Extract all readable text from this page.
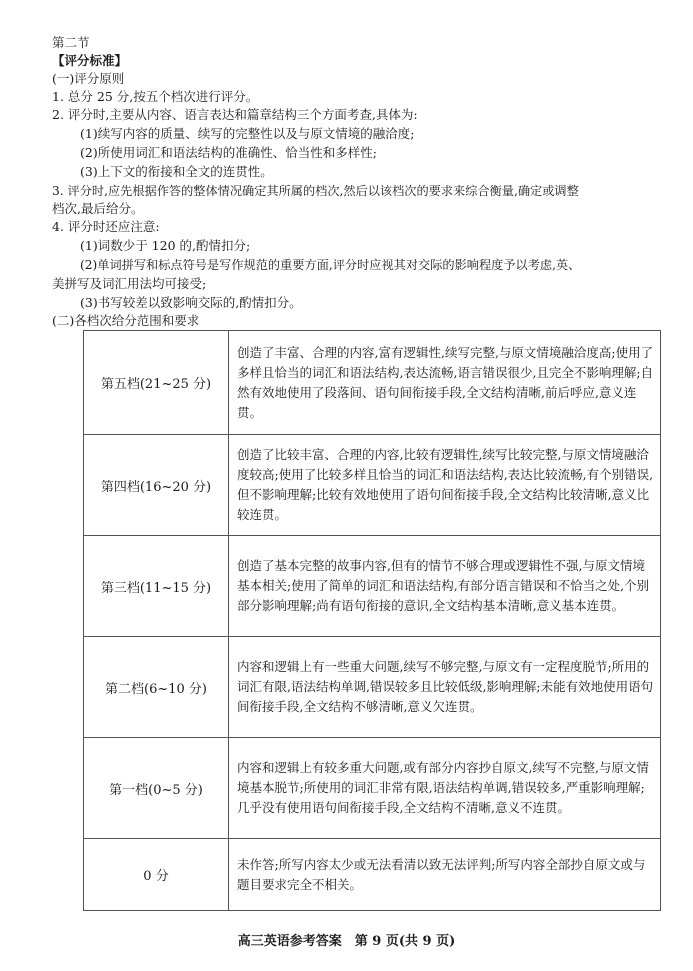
第二节
【评分标准】
(一)评分原则
1. 总分 25 分,按五个档次进行评分。
2. 评分时,主要从内容、语言表达和篇章结构三个方面考查,具体为:
(1)续写内容的质量、续写的完整性以及与原文情境的融洽度;
(2)所使用词汇和语法结构的准确性、恰当性和多样性;
(3)上下文的衔接和全文的连贯性。
3. 评分时,应先根据作答的整体情况确定其所属的档次,然后以该档次的要求来综合衡量,确定或调整
档次,最后给分。
4. 评分时还应注意:
(1)词数少于 120 的,酌情扣分;
(2)单词拼写和标点符号是写作规范的重要方面,评分时应视其对交际的影响程度予以考虑,英、
美拼写及词汇用法均可接受;
(3)书写较差以致影响交际的,酌情扣分。
(二)各档次给分范围和要求
第五档(21~25 分)	创造了丰富、合理的内容,富有逻辑性,续写完整,与原文情境融洽度高;使用了多样且恰当的词汇和语法结构,表达流畅,语言错误很少,且完全不影响理解;自然有效地使用了段落间、语句间衔接手段,全文结构清晰,前后呼应,意义连贯。
第四档(16~20 分)	创造了比较丰富、合理的内容,比较有逻辑性,续写比较完整,与原文情境融洽度较高;使用了比较多样且恰当的词汇和语法结构,表达比较流畅,有个别错误,但不影响理解;比较有效地使用了语句间衔接手段,全文结构比较清晰,意义比较连贯。
第三档(11~15 分)	创造了基本完整的故事内容,但有的情节不够合理或逻辑性不强,与原文情境基本相关;使用了简单的词汇和语法结构,有部分语言错误和不恰当之处,个别部分影响理解;尚有语句衔接的意识,全文结构基本清晰,意义基本连贯。
第二档(6~10 分)	内容和逻辑上有一些重大问题,续写不够完整,与原文有一定程度脱节;所用的词汇有限,语法结构单调,错误较多且比较低级,影响理解;未能有效地使用语句间衔接手段,全文结构不够清晰,意义欠连贯。
第一档(0~5 分)	内容和逻辑上有较多重大问题,或有部分内容抄自原文,续写不完整,与原文情境基本脱节;所使用的词汇非常有限,语法结构单调,错误较多,严重影响理解;几乎没有使用语句间衔接手段,全文结构不清晰,意义不连贯。
0 分	未作答;所写内容太少或无法看清以致无法评判;所写内容全部抄自原文或与题目要求完全不相关。
高三英语参考答案　第 9 页(共 9 页)
